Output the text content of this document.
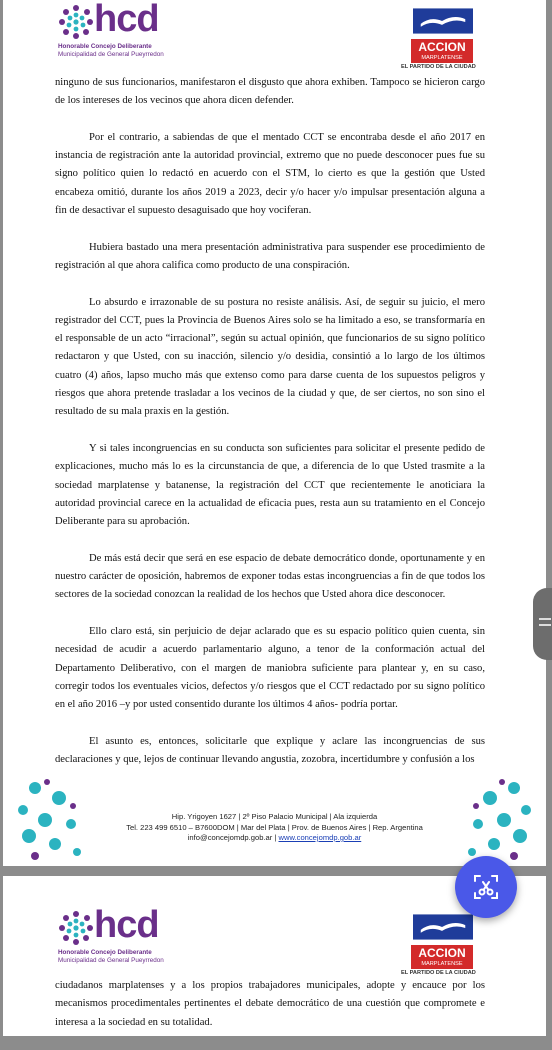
hcd
Honorable Concejo Deliberante
Municipalidad de General Pueyrredon
ACCION
MARPLATENSE
EL PARTIDO DE LA CIUDAD

ninguno de sus funcionarios, manifestaron el disgusto que ahora exhiben. Tampoco se hicieron cargo de los intereses de los vecinos que ahora dicen defender.

Por el contrario, a sabiendas de que el mentado CCT se encontraba desde el año 2017 en instancia de registración ante la autoridad provincial, extremo que no puede desconocer pues fue su signo político quien lo redactó en acuerdo con el STM, lo cierto es que la gestión que Usted encabeza omitió, durante los años 2019 a 2023, decir y/o hacer y/o impulsar presentación alguna a fin de desactivar el supuesto desaguisado que hoy vociferan.

Hubiera bastado una mera presentación administrativa para suspender ese procedimiento de registración al que ahora califica como producto de una conspiración.

Lo absurdo e irrazonable de su postura no resiste análisis. Así, de seguir su juicio, el mero registrador del CCT, pues la Provincia de Buenos Aires solo se ha limitado a eso, se transformaría en el responsable de un acto “irracional”, según su actual opinión, que funcionarios de su signo político redactaron y que Usted, con su inacción, silencio y/o desidia, consintió a lo largo de los últimos cuatro (4) años, lapso mucho más que extenso como para darse cuenta de los supuestos peligros y riesgos que ahora pretende trasladar a los vecinos de la ciudad y que, de ser ciertos, no son sino el resultado de su mala praxis en la gestión.

Y si tales incongruencias en su conducta son suficientes para solicitar el presente pedido de explicaciones, mucho más lo es la circunstancia de que, a diferencia de lo que Usted trasmite a la sociedad marplatense y batanense, la registración del CCT que recientemente le anoticiara la autoridad provincial carece en la actualidad de eficacia pues, resta aun su tratamiento en el Concejo Deliberante para su aprobación.

De más está decir que será en ese espacio de debate democrático donde, oportunamente y en nuestro carácter de oposición, habremos de exponer todas estas incongruencias a fin de que todos los sectores de la sociedad conozcan la realidad de los hechos que Usted ahora dice desconocer.

Ello claro está, sin perjuicio de dejar aclarado que es su espacio político quien cuenta, sin necesidad de acudir a acuerdo parlamentario alguno, a tenor de la conformación actual del Departamento Deliberativo, con el margen de maniobra suficiente para plantear y, en su caso, corregir todos los eventuales vicios, defectos y/o riesgos que el CCT redactado por su signo político en el año 2016 –y por usted consentido durante los últimos 4 años- podría portar.

El asunto es, entonces, solicitarle que explique y aclare las incongruencias de sus declaraciones y que, lejos de continuar llevando angustia, zozobra, incertidumbre y confusión a los

Hip. Yrigoyen 1627 | 2º Piso Palacio Municipal | Ala izquierda
Tel. 223 499 6510 – B7600DOM | Mar del Plata | Prov. de Buenos Aires | Rep. Argentina
info@concejomdp.gob.ar | www.concejomdp.gob.ar
hcd
Honorable Concejo Deliberante
Municipalidad de General Pueyrredon
ACCION
MARPLATENSE
EL PARTIDO DE LA CIUDAD

ciudadanos marplatenses y a los propios trabajadores municipales, adopte y encauce por los mecanismos procedimentales pertinentes el debate democrático de una cuestión que compromete e interesa a la sociedad en su totalidad.
